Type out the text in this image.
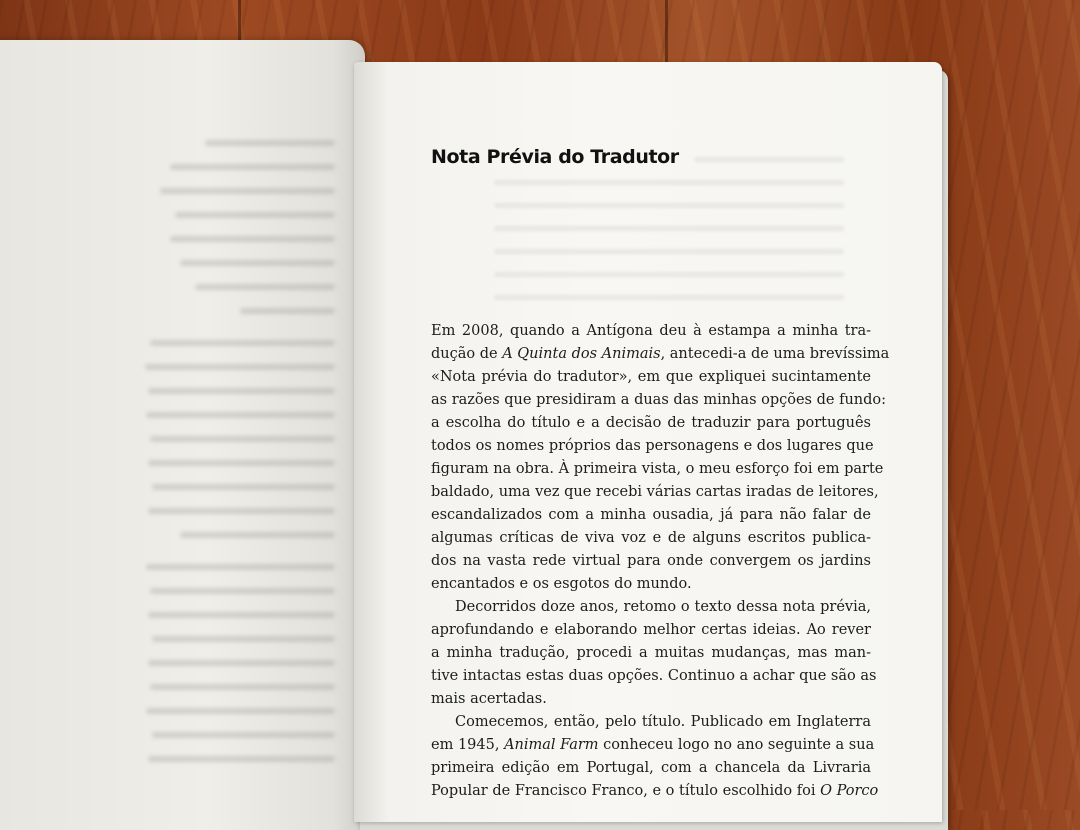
Nota Prévia do Tradutor
Em 2008, quando a Antígona deu à estampa a minha tra-
dução de A Quinta dos Animais, antecedi-a de uma brevíssima
«Nota prévia do tradutor», em que expliquei sucintamente
as razões que presidiram a duas das minhas opções de fundo:
a escolha do título e a decisão de traduzir para português
todos os nomes próprios das personagens e dos lugares que
figuram na obra. À primeira vista, o meu esforço foi em parte
baldado, uma vez que recebi várias cartas iradas de leitores,
escandalizados com a minha ousadia, já para não falar de
algumas críticas de viva voz e de alguns escritos publica-
dos na vasta rede virtual para onde convergem os jardins
encantados e os esgotos do mundo.
Decorridos doze anos, retomo o texto dessa nota prévia,
aprofundando e elaborando melhor certas ideias. Ao rever
a minha tradução, procedi a muitas mudanças, mas man-
tive intactas estas duas opções. Continuo a achar que são as
mais acertadas.
Comecemos, então, pelo título. Publicado em Inglaterra
em 1945, Animal Farm conheceu logo no ano seguinte a sua
primeira edição em Portugal, com a chancela da Livraria
Popular de Francisco Franco, e o título escolhido foi O Porco
